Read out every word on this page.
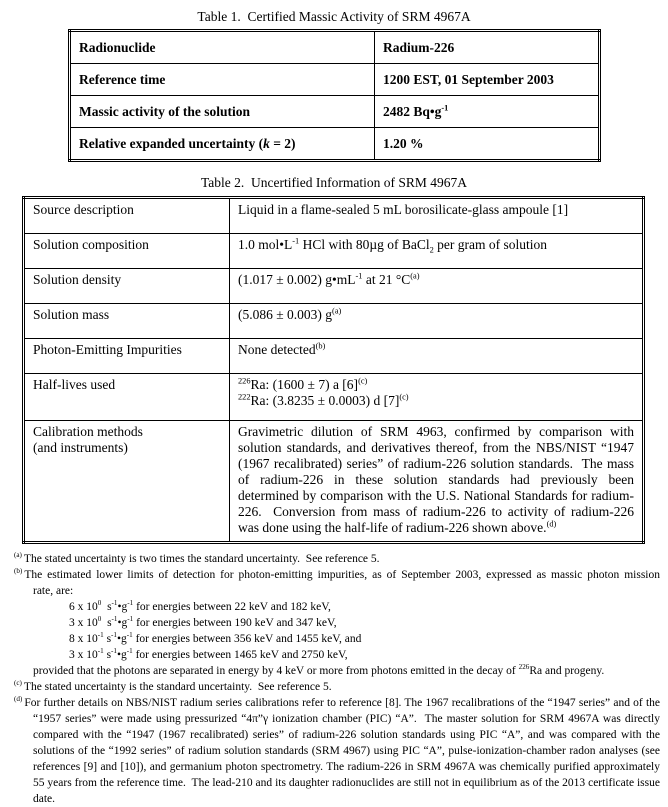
Table 1.  Certified Massic Activity of SRM 4967A
Radionuclide	Radium-226
Reference time	1200 EST, 01 September 2003
Massic activity of the solution	2482 $Bq•g^{-1}$
Relative expanded uncertainty (k = 2)	1.20 %
Table 2.  Uncertified Information of SRM 4967A
Source description	Liquid in a flame-sealed 5 mL borosilicate-glass ampoule [1]
Solution composition	1.0 $mol•L^{-1}$ HCl with 80µg of BaCl$_2$ per gram of solution
Solution density	(1.017 ± 0.002) $g•mL^{-1}$ at 21 $^\circ C^{(a)}$
Solution mass	(5.086 ± 0.003) $g^{(a)}$
Photon-Emitting Impurities	None detected$^{(b)}$
Half-lives used	$^{226}$Ra: (1600 ± 7) a $[6]^{(c)}$
$^{222}$Ra: (3.8235 ± 0.0003) d $[7]^{(c)}$

Calibration methods
(and instruments)	Gravimetric dilution of SRM 4963, confirmed by comparison with solution standards, and derivatives thereof, from the NBS/NIST “1947 (1967 recalibrated) series” of radium-226 solution standards.  The mass of radium-226 in these solution standards had previously been determined by comparison with the U.S. National Standards for radium-226.  Conversion from mass of radium-226 to activity of radium-226 was done using the half-life of radium-226 shown above.$^{(d)}$
$^{(a)}$ The stated uncertainty is two times the standard uncertainty.  See reference 5.
$^{(b)}$ The estimated lower limits of detection for photon-emitting impurities, as of September 2003, expressed as massic photon mission
rate, are:
6 x $10^0$  $s^{-1}•g^{-1}$ for energies between 22 keV and 182 keV,
3 x $10^0$  $s^{-1}•g^{-1}$ for energies between 190 keV and 347 keV,
8 x $10^{-1}$ $s^{-1}•g^{-1}$ for energies between 356 keV and 1455 keV, and
3 x $10^{-1}$ $s^{-1}•g^{-1}$ for energies between 1465 keV and 2750 keV,
provided that the photons are separated in energy by 4 keV or more from photons emitted in the decay of $^{226}$Ra and progeny.
$^{(c)}$ The stated uncertainty is the standard uncertainty.  See reference 5.
$^{(d)}$ For further details on NBS/NIST radium series calibrations refer to reference [8]. The 1967 recalibrations of the “1947 series” and of the “1957 series” were made using pressurized “4π”γ ionization chamber (PIC) “A”.  The master solution for SRM 4967A was directly compared with the “1947 (1967 recalibrated) series” of radium-226 solution standards using PIC “A”, and was compared with the solutions of the “1992 series” of radium solution standards (SRM 4967) using PIC “A”, pulse-ionization-chamber radon analyses (see references [9] and [10]), and germanium photon spectrometry. The radium-226 in SRM 4967A was chemically purified approximately 55 years from the reference time.  The lead-210 and its daughter radionuclides are still not in equilibrium as of the 2013 certificate issue date.
